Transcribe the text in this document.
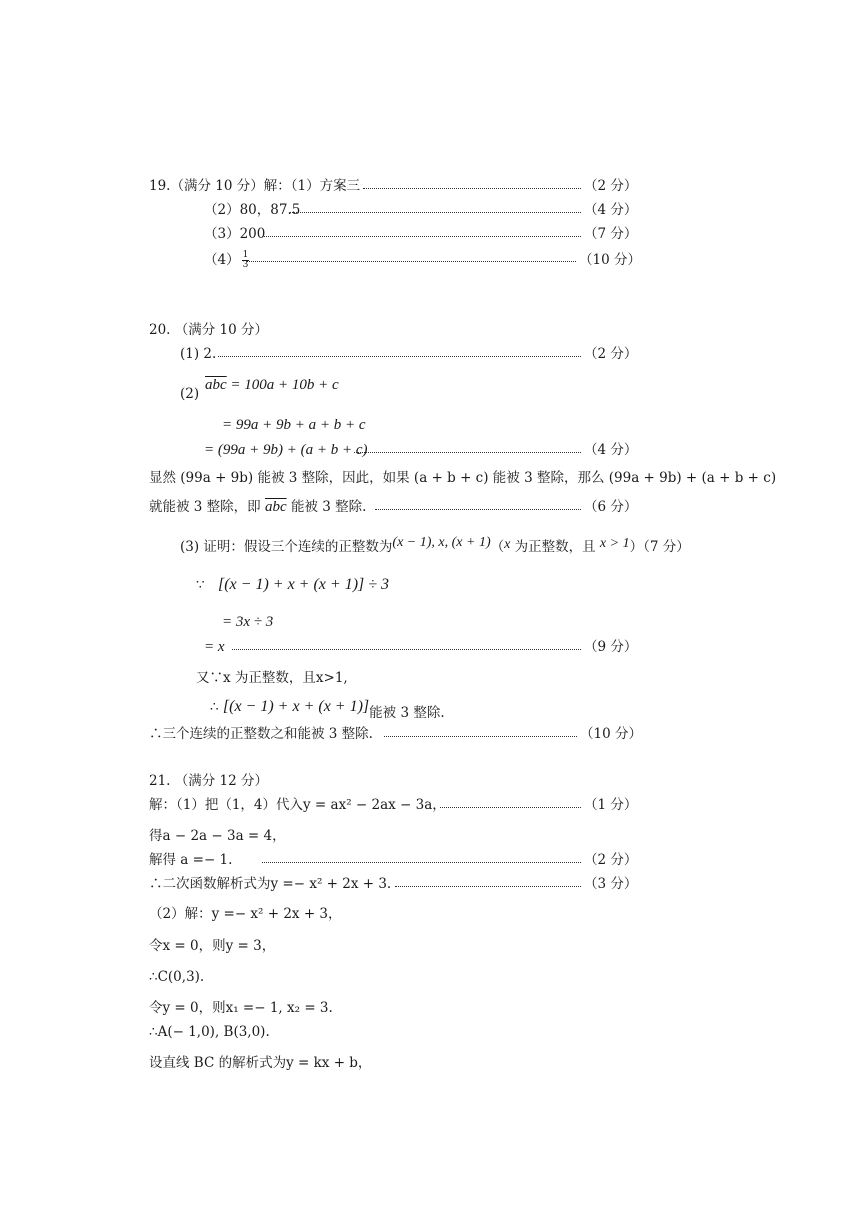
19.（满分 10 分）解：（1）方案三	（2 分）
（2）80，87.5	（4 分）
（3）200	（7 分）
$(4) \frac{1}{3}$	（10 分）
20. （满分 10 分）
(1) 2.	（2 分）
(2)
$\overline{abc} = 100a + 10b + c$
= 99a + 9b + a + b + c
= (99a + 9b) + (a + b + c)	（4 分）
显然 (99a + 9b) 能被 3 整除，因此，如果 (a + b + c) 能被 3 整除，那么 (99a + 9b) + (a + b + c)
就能被 3 整除，即 $\overline{abc}$ 能被 3 整除.	（6 分）
(3) 证明：假设三个连续的正整数为(x − 1), x, (x + 1)（x 为正整数，且 x > 1）（7 分）
∵ [(x − 1) + x + (x + 1)] ÷ 3
= 3x ÷ 3
= x	（9 分）
又∵x 为正整数，且x>1,
∴ [(x − 1) + x + (x + 1)]能被 3 整除.
∴三个连续的正整数之和能被 3 整除.	（10 分）
21. （满分 12 分）
解：（1）把（1，4）代入y = ax² − 2ax − 3a，	（1 分）
得a − 2a − 3a = 4，
解得 a =− 1.	（2 分）
∴二次函数解析式为y =− x² + 2x + 3.	（3 分）
（2）解：y =− x² + 2x + 3，
令x = 0，则y = 3，
∴C(0,3).
令y = 0，则x₁ =− 1, x₂ = 3.
∴A(− 1,0), B(3,0).
设直线 BC 的解析式为y = kx + b，
